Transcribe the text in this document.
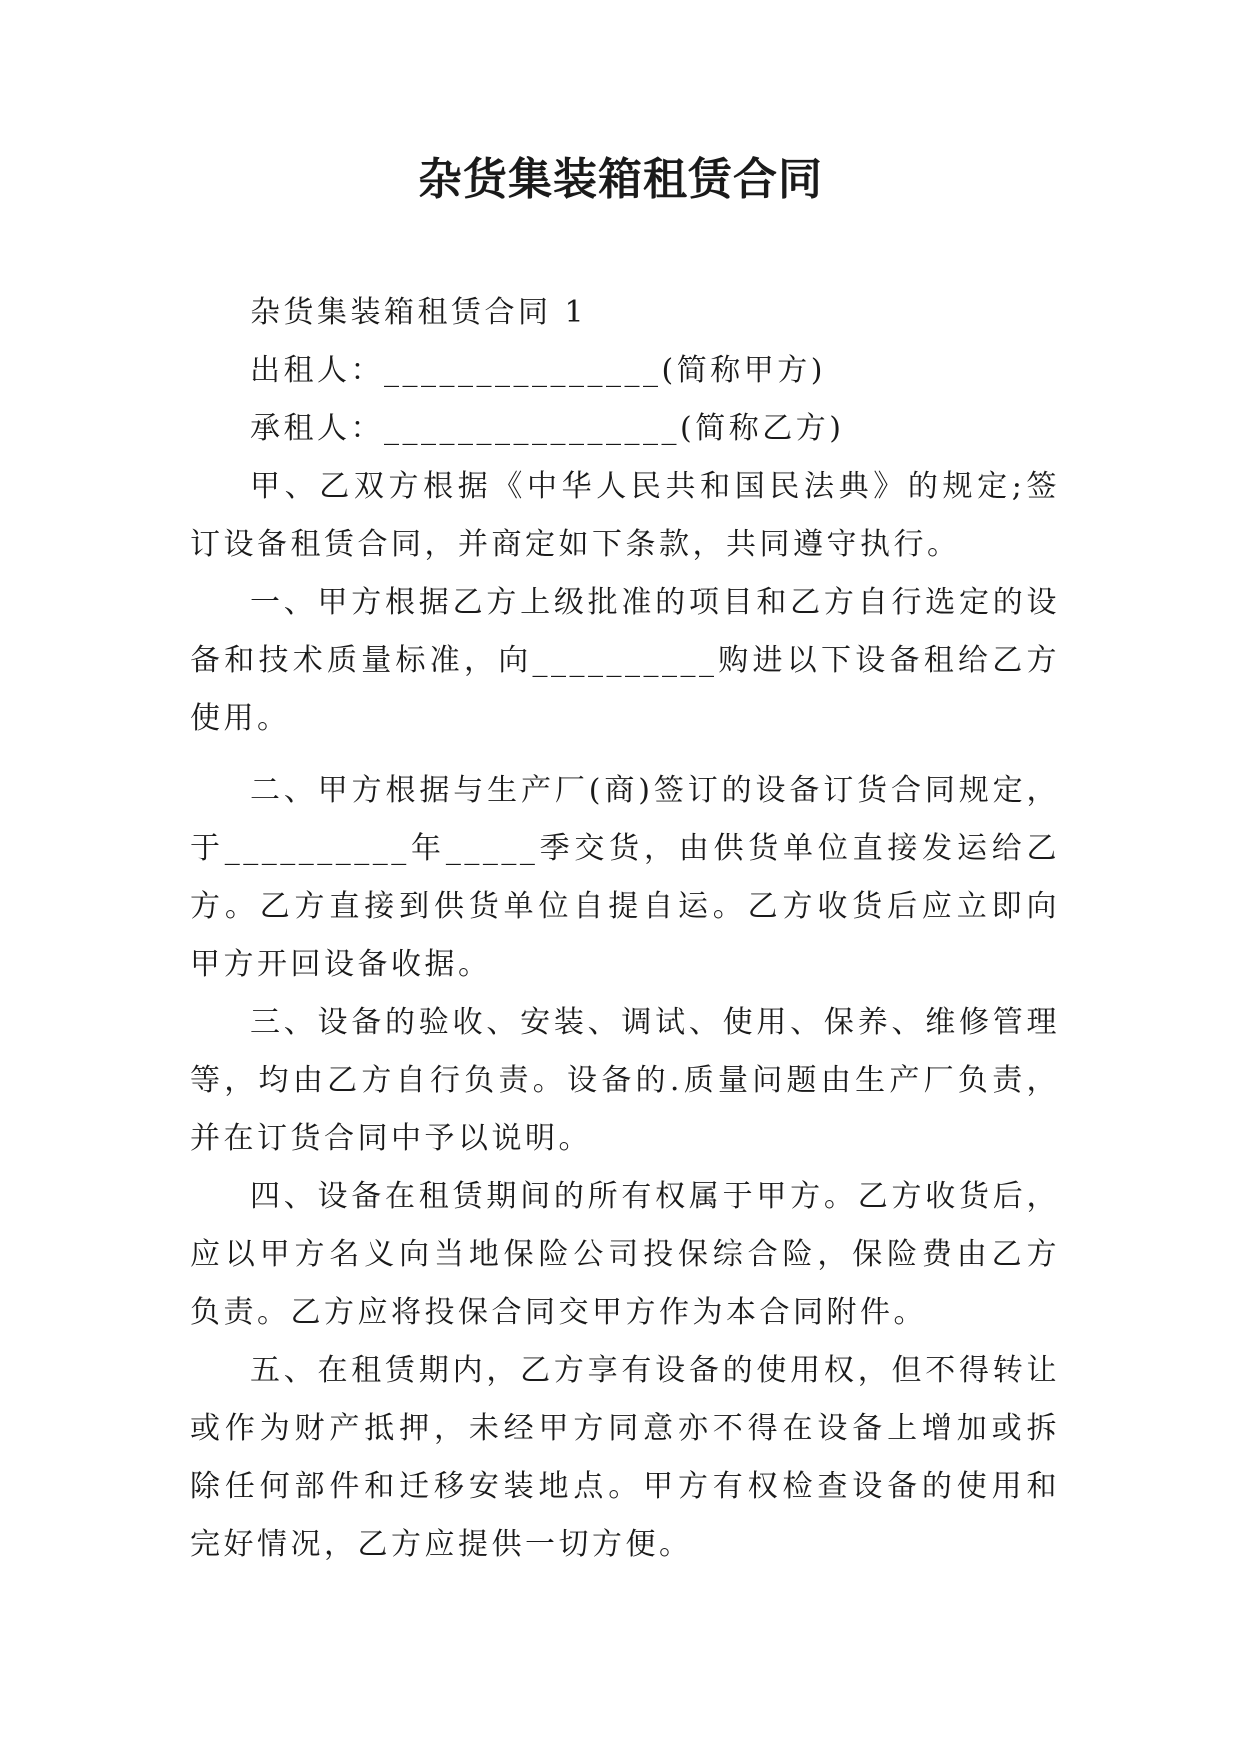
杂货集装箱租赁合同

杂货集装箱租赁合同 1

出租人：_______________(简称甲方)

承租人：________________(简称乙方)

甲、乙双方根据《中华人民共和国民法典》的规定;签订设备租赁合同，并商定如下条款，共同遵守执行。

一、甲方根据乙方上级批准的项目和乙方自行选定的设备和技术质量标准，向__________购进以下设备租给乙方使用。

二、甲方根据与生产厂(商)签订的设备订货合同规定，于__________年_____季交货，由供货单位直接发运给乙方。乙方直接到供货单位自提自运。乙方收货后应立即向甲方开回设备收据。

三、设备的验收、安装、调试、使用、保养、维修管理等，均由乙方自行负责。设备的.质量问题由生产厂负责，并在订货合同中予以说明。

四、设备在租赁期间的所有权属于甲方。乙方收货后，应以甲方名义向当地保险公司投保综合险，保险费由乙方负责。乙方应将投保合同交甲方作为本合同附件。

五、在租赁期内，乙方享有设备的使用权，但不得转让或作为财产抵押，未经甲方同意亦不得在设备上增加或拆除任何部件和迁移安装地点。甲方有权检查设备的使用和完好情况，乙方应提供一切方便。
